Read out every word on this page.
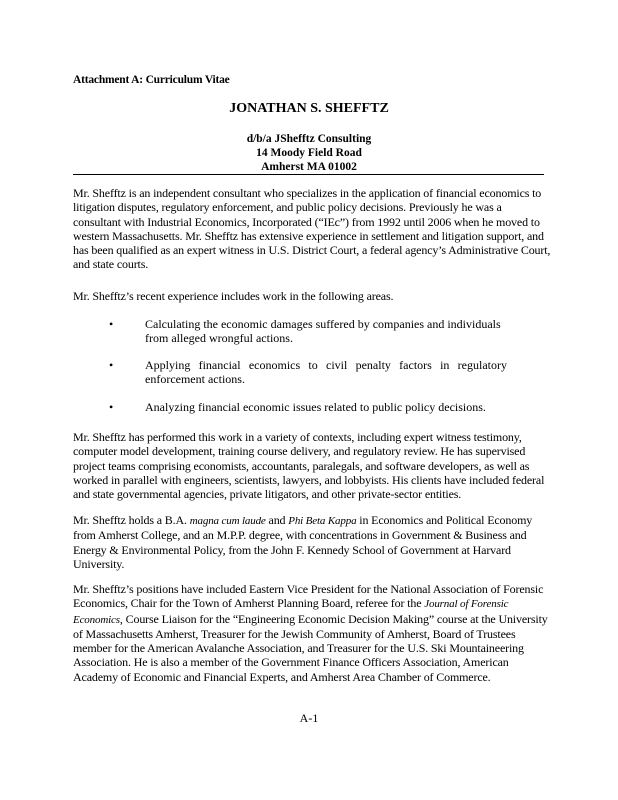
Attachment A: Curriculum Vitae
JONATHAN S. SHEFFTZ
d/b/a JShefftz Consulting
14 Moody Field Road
Amherst MA 01002
Mr. Shefftz is an independent consultant who specializes in the application of financial economics to litigation disputes, regulatory enforcement, and public policy decisions. Previously he was a consultant with Industrial Economics, Incorporated (“IEc”) from 1992 until 2006 when he moved to western Massachusetts. Mr. Shefftz has extensive experience in settlement and litigation support, and has been qualified as an expert witness in U.S. District Court, a federal agency’s Administrative Court, and state courts.
Mr. Shefftz’s recent experience includes work in the following areas.
•	Calculating the economic damages suffered by companies and individuals from alleged wrongful actions.
•	Applying financial economics to civil penalty factors in regulatory enforcement actions.
•	Analyzing financial economic issues related to public policy decisions.
Mr. Shefftz has performed this work in a variety of contexts, including expert witness testimony, computer model development, training course delivery, and regulatory review. He has supervised project teams comprising economists, accountants, paralegals, and software developers, as well as worked in parallel with engineers, scientists, lawyers, and lobbyists. His clients have included federal and state governmental agencies, private litigators, and other private-sector entities.
Mr. Shefftz holds a B.A. magna cum laude and Phi Beta Kappa in Economics and Political Economy from Amherst College, and an M.P.P. degree, with concentrations in Government & Business and Energy & Environmental Policy, from the John F. Kennedy School of Government at Harvard University.
Mr. Shefftz’s positions have included Eastern Vice President for the National Association of Forensic Economics, Chair for the Town of Amherst Planning Board, referee for the Journal of Forensic Economics, Course Liaison for the “Engineering Economic Decision Making” course at the University of Massachusetts Amherst, Treasurer for the Jewish Community of Amherst, Board of Trustees member for the American Avalanche Association, and Treasurer for the U.S. Ski Mountaineering Association. He is also a member of the Government Finance Officers Association, American Academy of Economic and Financial Experts, and Amherst Area Chamber of Commerce.
A-1
